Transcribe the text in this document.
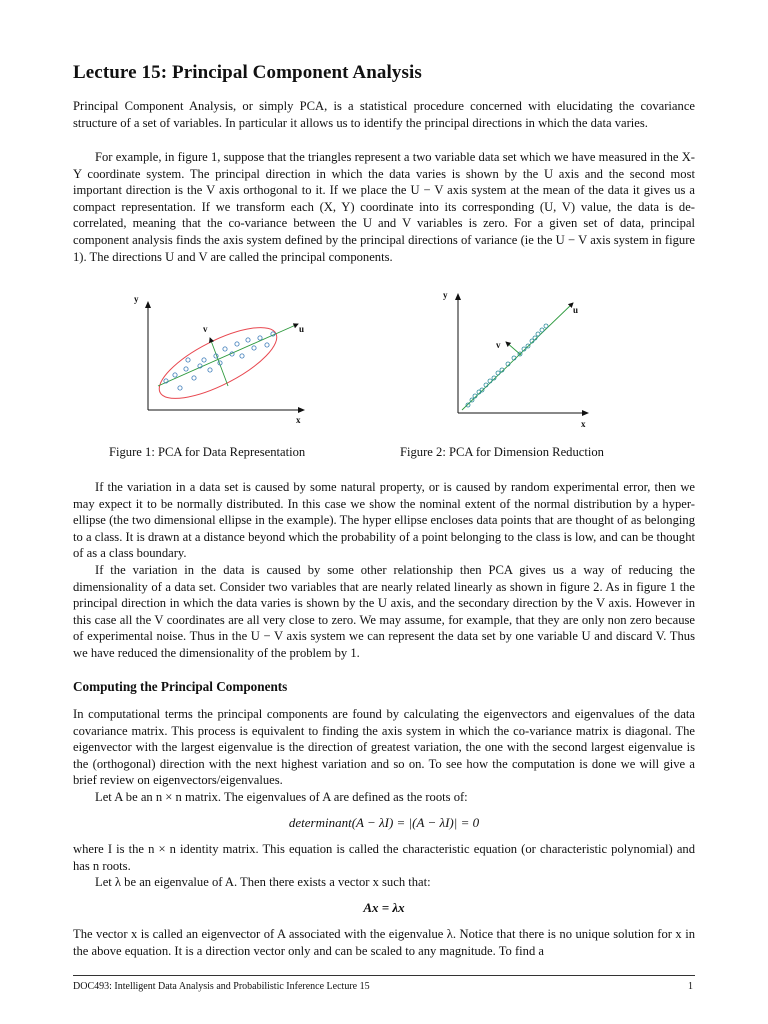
Lecture 15: Principal Component Analysis

Principal Component Analysis, or simply PCA, is a statistical procedure concerned with elucidating the covariance structure of a set of variables. In particular it allows us to identify the principal directions in which the data varies.

For example, in figure 1, suppose that the triangles represent a two variable data set which we have measured in the X-Y coordinate system. The principal direction in which the data varies is shown by the U axis and the second most important direction is the V axis orthogonal to it. If we place the U − V axis system at the mean of the data it gives us a compact representation. If we transform each (X, Y) coordinate into its corresponding (U, V) value, the data is de-correlated, meaning that the co-variance between the U and V variables is zero. For a given set of data, principal component analysis finds the axis system defined by the principal directions of variance (ie the U − V axis system in figure 1). The directions U and V are called the principal components.

y
x
u
v

Figure 1: PCA for Data Representation

y
x
u
v

Figure 2: PCA for Dimension Reduction

If the variation in a data set is caused by some natural property, or is caused by random experimental error, then we may expect it to be normally distributed. In this case we show the nominal extent of the normal distribution by a hyper-ellipse (the two dimensional ellipse in the example). The hyper ellipse encloses data points that are thought of as belonging to a class. It is drawn at a distance beyond which the probability of a point belonging to the class is low, and can be thought of as a class boundary.

If the variation in the data is caused by some other relationship then PCA gives us a way of reducing the dimensionality of a data set. Consider two variables that are nearly related linearly as shown in figure 2. As in figure 1 the principal direction in which the data varies is shown by the U axis, and the secondary direction by the V axis. However in this case all the V coordinates are all very close to zero. We may assume, for example, that they are only non zero because of experimental noise. Thus in the U − V axis system we can represent the data set by one variable U and discard V. Thus we have reduced the dimensionality of the problem by 1.

Computing the Principal Components

In computational terms the principal components are found by calculating the eigenvectors and eigenvalues of the data covariance matrix. This process is equivalent to finding the axis system in which the co-variance matrix is diagonal. The eigenvector with the largest eigenvalue is the direction of greatest variation, the one with the second largest eigenvalue is the (orthogonal) direction with the next highest variation and so on. To see how the computation is done we will give a brief review on eigenvectors/eigenvalues.

Let A be an n × n matrix. The eigenvalues of A are defined as the roots of:

determinant(A − λI) = |(A − λI)| = 0

where I is the n × n identity matrix. This equation is called the characteristic equation (or characteristic polynomial) and has n roots.

Let λ be an eigenvalue of A. Then there exists a vector x such that:

Ax = λx

The vector x is called an eigenvector of A associated with the eigenvalue λ. Notice that there is no unique solution for x in the above equation. It is a direction vector only and can be scaled to any magnitude. To find a

DOC493: Intelligent Data Analysis and Probabilistic Inference Lecture 15	1
